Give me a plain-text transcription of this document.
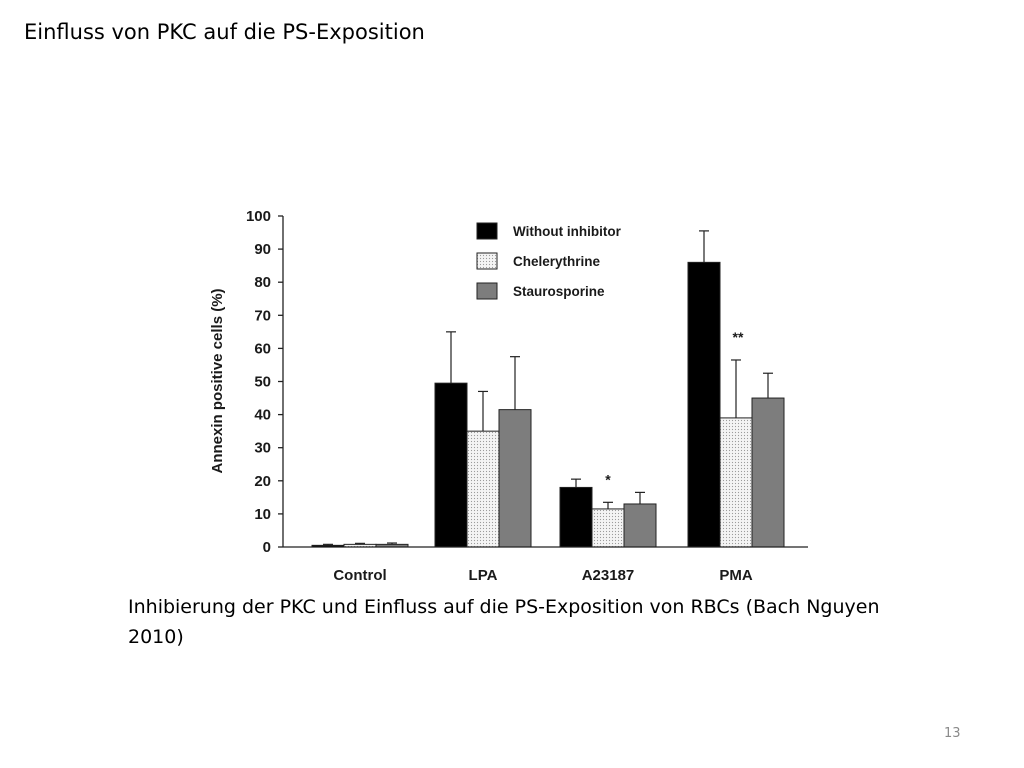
Einfluss von PKC auf die PS-Exposition
0
10
20
30
40
50
60
70
80
90
100
Annexin positive cells (%)
*
**
Control	LPA	A23187	PMA
Without inhibitor
Chelerythrine
Staurosporine
Inhibierung der PKC und Einfluss auf die PS-Exposition von RBCs (Bach Nguyen 2010)
13
